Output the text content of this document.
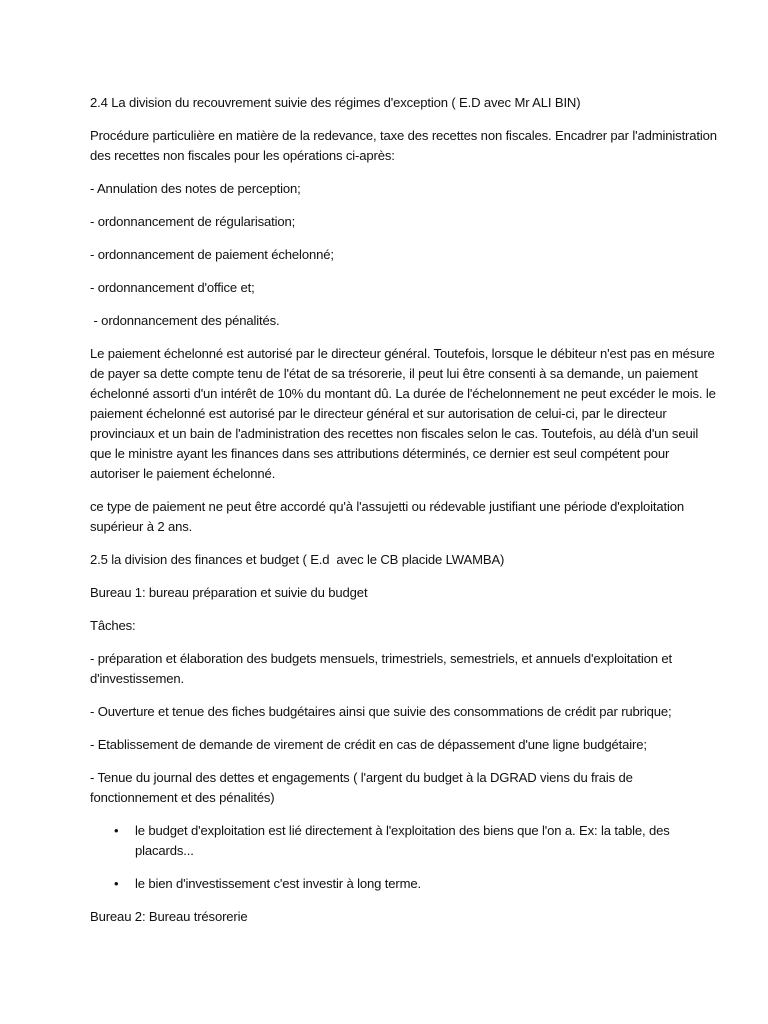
2.4 La division du recouvrement suivie des régimes d'exception ( E.D avec Mr ALI BIN)

Procédure particulière en matière de la redevance, taxe des recettes non fiscales. Encadrer par l'administration des recettes non fiscales pour les opérations ci-après:

- Annulation des notes de perception;

- ordonnancement de régularisation;

- ordonnancement de paiement échelonné;

- ordonnancement d'office et;

- ordonnancement des pénalités.

Le paiement échelonné est autorisé par le directeur général. Toutefois, lorsque le débiteur n'est pas en mésure de payer sa dette compte tenu de l'état de sa trésorerie, il peut lui être consenti à sa demande, un paiement échelonné assorti d'un intérêt de 10% du montant dû. La durée de l'échelonnement ne peut excéder le mois. le paiement échelonné est autorisé par le directeur général et sur autorisation de celui-ci, par le directeur provinciaux et un bain de l'administration des recettes non fiscales selon le cas. Toutefois, au délà d'un seuil que le ministre ayant les finances dans ses attributions déterminés, ce dernier est seul compétent pour autoriser le paiement échelonné.

ce type de paiement ne peut être accordé qu'à l'assujetti ou rédevable justifiant une période d'exploitation supérieur à 2 ans.

2.5 la division des finances et budget ( E.d  avec le CB placide LWAMBA)

Bureau 1: bureau préparation et suivie du budget

Tâches:

- préparation et élaboration des budgets mensuels, trimestriels, semestriels, et annuels d'exploitation et d'investissemen.

- Ouverture et tenue des fiches budgétaires ainsi que suivie des consommations de crédit par rubrique;

- Etablissement de demande de virement de crédit en cas de dépassement d'une ligne budgétaire;

- Tenue du journal des dettes et engagements ( l'argent du budget à la DGRAD viens du frais de fonctionnement et des pénalités)

• le budget d'exploitation est lié directement à l'exploitation des biens que l'on a. Ex: la table, des placards...
• le bien d'investissement c'est investir à long terme.

Bureau 2: Bureau trésorerie
